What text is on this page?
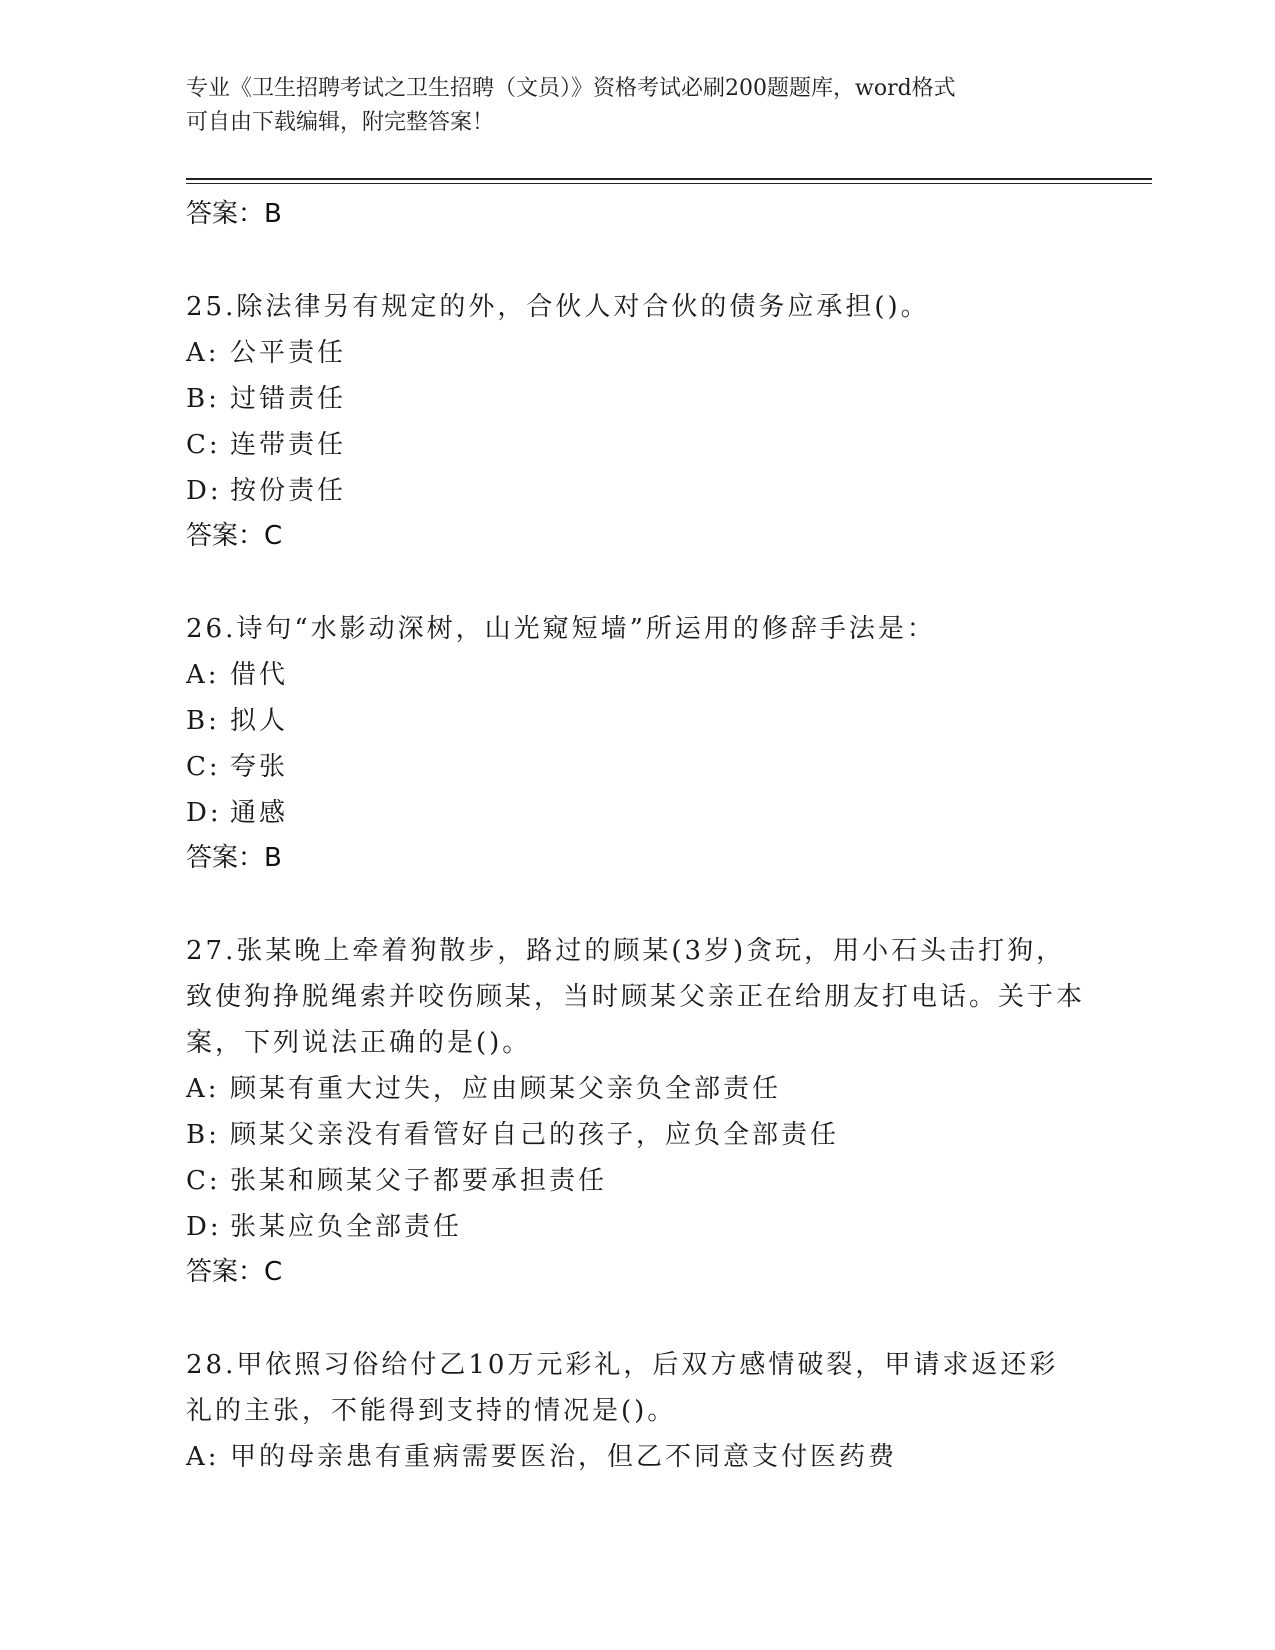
专业《卫生招聘考试之卫生招聘（文员）》资格考试必刷200题题库，word格式
可自由下载编辑，附完整答案！
答案：B

25.除法律另有规定的外，合伙人对合伙的债务应承担()。

A: 公平责任
B: 过错责任
C: 连带责任
D: 按份责任
答案：C

26.诗句“水影动深树，山光窥短墙”所运用的修辞手法是：

A: 借代
B: 拟人
C: 夸张
D: 通感
答案：B

27.张某晚上牵着狗散步，路过的顾某(3岁)贪玩，用小石头击打狗，致使狗挣脱绳索并咬伤顾某，当时顾某父亲正在给朋友打电话。关于本案，下列说法正确的是()。

A: 顾某有重大过失，应由顾某父亲负全部责任
B: 顾某父亲没有看管好自己的孩子，应负全部责任
C: 张某和顾某父子都要承担责任
D: 张某应负全部责任
答案：C

28.甲依照习俗给付乙10万元彩礼，后双方感情破裂，甲请求返还彩礼的主张，不能得到支持的情况是()。

A: 甲的母亲患有重病需要医治，但乙不同意支付医药费
